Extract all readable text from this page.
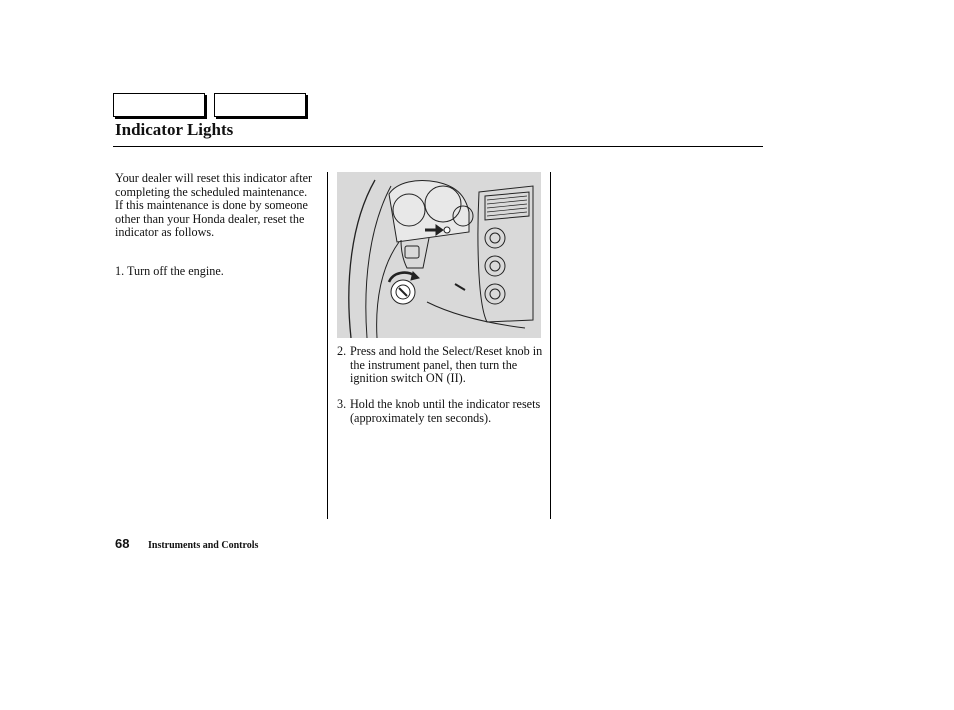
Indicator Lights

Your dealer will reset this indicator after completing the scheduled maintenance. If this maintenance is done by someone other than your Honda dealer, reset the indicator as follows.

1. Turn off the engine.
2. Press and hold the Select/Reset knob in the instrument panel, then turn the ignition switch ON (II).
3. Hold the knob until the indicator resets (approximately ten seconds).
68 Instruments and Controls
